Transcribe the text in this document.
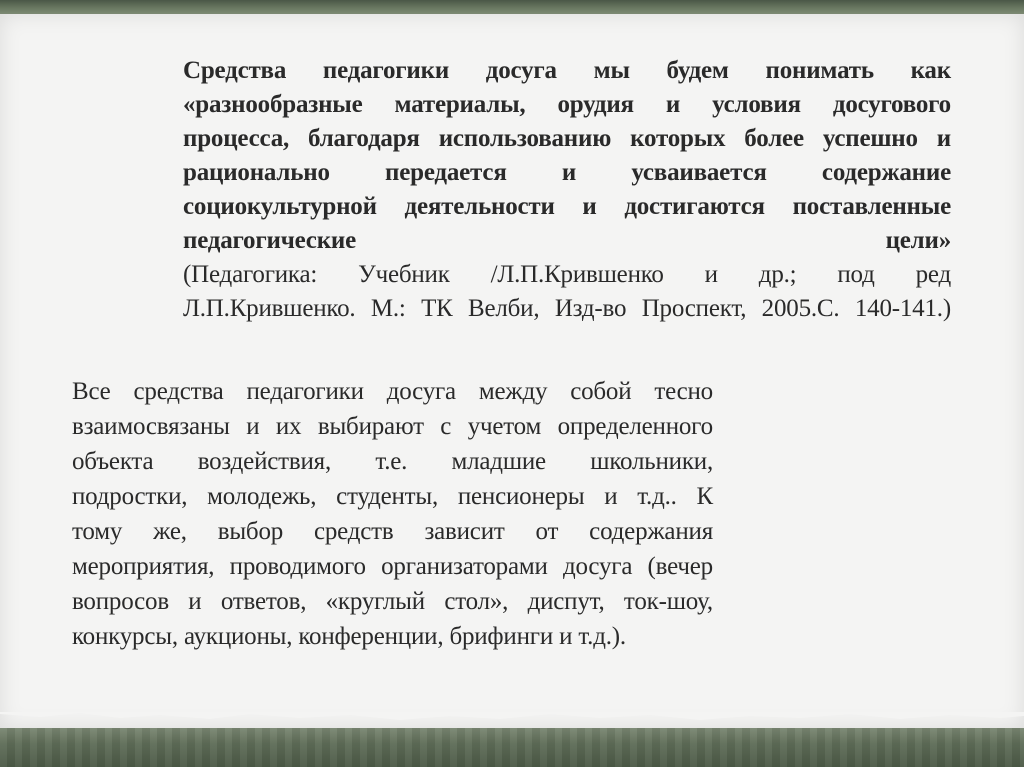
Средства педагогики досуга мы будем понимать как
«разнообразные материалы, орудия и условия досугового
процесса, благодаря использованию которых более успешно и
рационально передается и усваивается содержание
социокультурной деятельности и достигаются поставленные
педагогические	цели»
(Педагогика: Учебник /Л.П.Крившенко и др.; под ред
Л.П.Крившенко. М.: ТК Велби, Изд-во Проспект, 2005.С. 140-141.)
Все средства педагогики досуга между собой тесно
взаимосвязаны и их выбирают с учетом определенного
объекта воздействия, т.е. младшие школьники,
подростки, молодежь, студенты, пенсионеры и т.д.. К
тому же, выбор средств зависит от содержания
мероприятия, проводимого организаторами досуга (вечер
вопросов и ответов, «круглый стол», диспут, ток-шоу,
конкурсы, аукционы, конференции, брифинги и т.д.).
